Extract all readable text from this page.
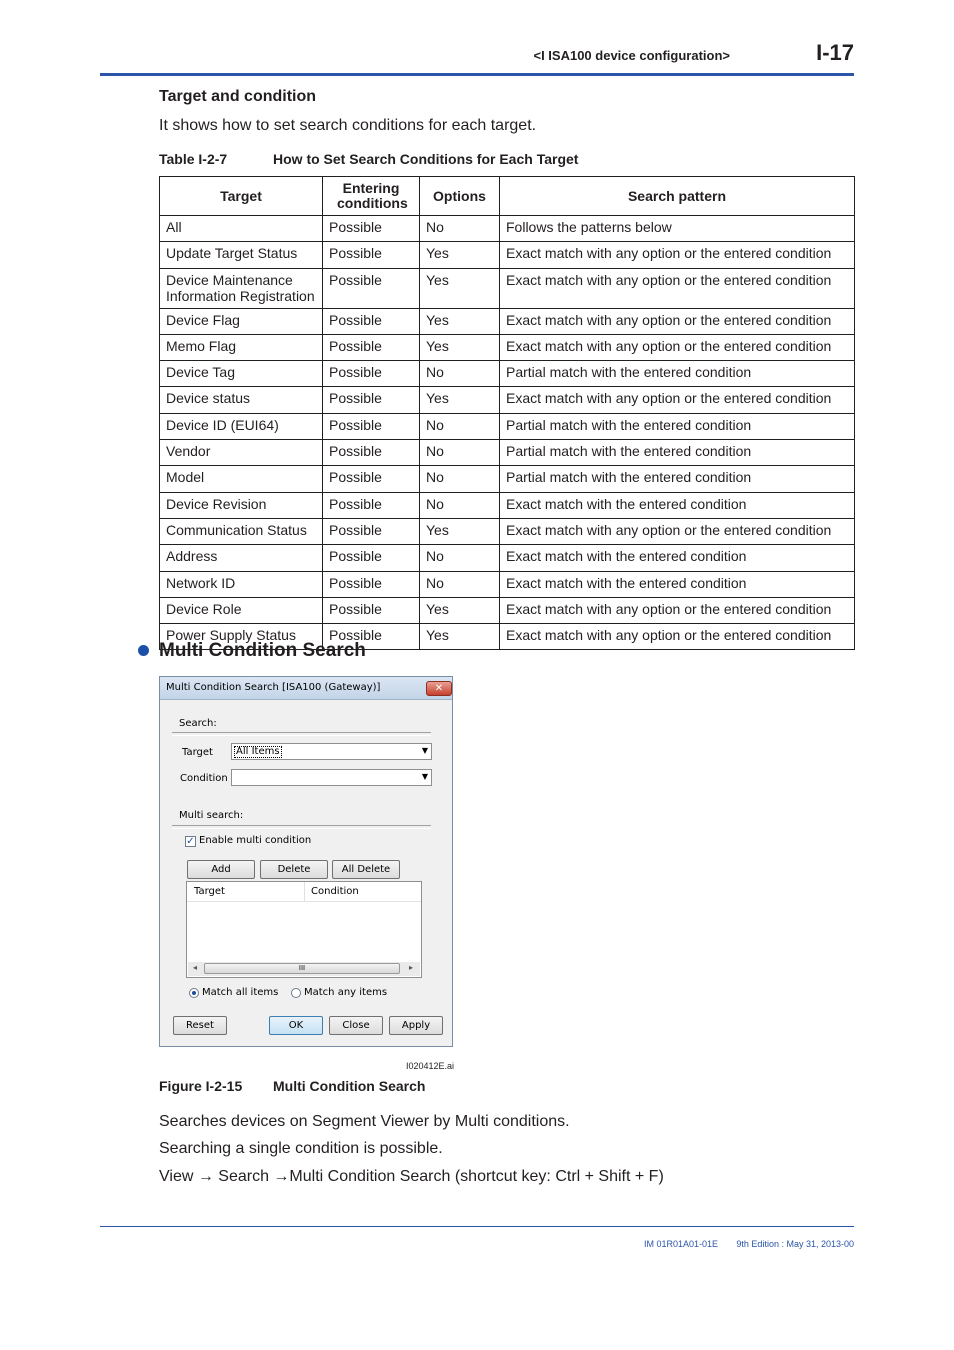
<I ISA100 device configuration>	I-17
Target and condition
It shows how to set search conditions for each target.
Table I-2-7	How to Set Search Conditions for Each Target
Target	Entering conditions	Options	Search pattern
All	Possible	No	Follows the patterns below
Update Target Status	Possible	Yes	Exact match with any option or the entered condition
Device Maintenance Information Registration	Possible	Yes	Exact match with any option or the entered condition
Device Flag	Possible	Yes	Exact match with any option or the entered condition
Memo Flag	Possible	Yes	Exact match with any option or the entered condition
Device Tag	Possible	No	Partial match with the entered condition
Device status	Possible	Yes	Exact match with any option or the entered condition
Device ID (EUI64)	Possible	No	Partial match with the entered condition
Vendor	Possible	No	Partial match with the entered condition
Model	Possible	No	Partial match with the entered condition
Device Revision	Possible	No	Exact match with the entered condition
Communication Status	Possible	Yes	Exact match with any option or the entered condition
Address	Possible	No	Exact match with the entered condition
Network ID	Possible	No	Exact match with the entered condition
Device Role	Possible	Yes	Exact match with any option or the entered condition
Power Supply Status	Possible	Yes	Exact match with any option or the entered condition
Multi Condition Search
Multi Condition Search [ISA100 (Gateway)]	✕
Search:
Target All Items	▼
Condition	▼
Multi search:
✓ Enable multi condition
Add	Delete	All Delete
Target	Condition
◂	III	▸
Match all items	Match any items
Reset	OK	Close	Apply
I020412E.ai
Figure I-2-15 Multi Condition Search
Searches devices on Segment Viewer by Multi conditions.
Searching a single condition is possible.
View → Search →Multi Condition Search (shortcut key: Ctrl + Shift + F)
IM 01R01A01-01E	9th Edition : May 31, 2013-00
